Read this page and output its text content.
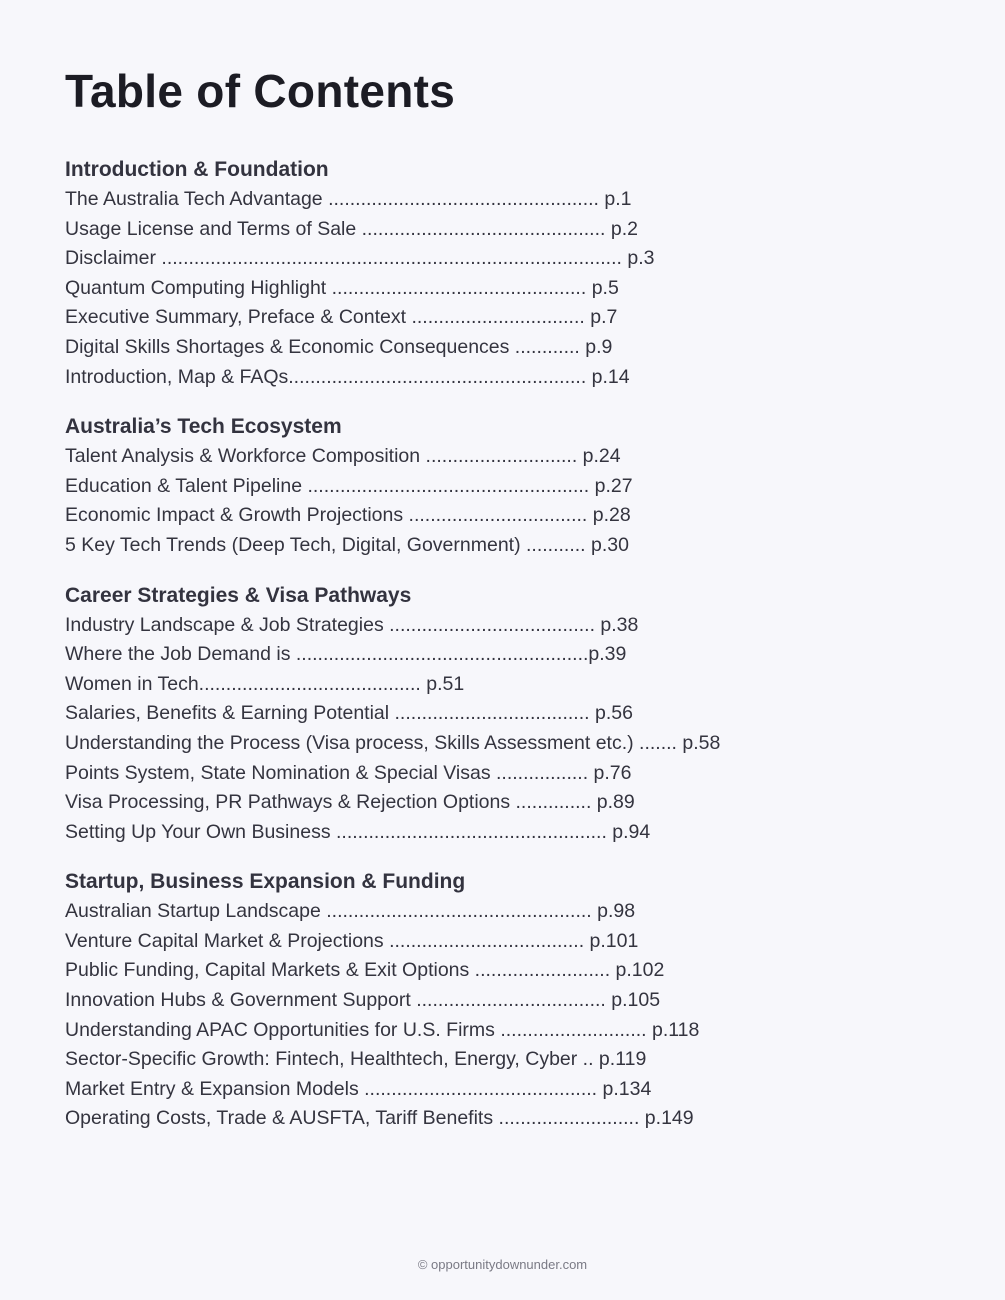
Table of Contents
Introduction & Foundation
The Australia Tech Advantage .................................................. p.1
Usage License and Terms of Sale ............................................. p.2
Disclaimer ..................................................................................... p.3
Quantum Computing Highlight ............................................... p.5
Executive Summary, Preface & Context ................................ p.7
Digital Skills Shortages & Economic Consequences ............ p.9
Introduction, Map & FAQs....................................................... p.14
Australia’s Tech Ecosystem
Talent Analysis & Workforce Composition ............................ p.24
Education & Talent Pipeline .................................................... p.27
Economic Impact & Growth Projections ................................. p.28
5 Key Tech Trends (Deep Tech, Digital, Government) ........... p.30
Career Strategies & Visa Pathways
Industry Landscape & Job Strategies ...................................... p.38
Where the Job Demand is ......................................................p.39
Women in Tech......................................... p.51
Salaries, Benefits & Earning Potential .................................... p.56
Understanding the Process (Visa process, Skills Assessment etc.) ....... p.58
Points System, State Nomination & Special Visas ................. p.76
Visa Processing, PR Pathways & Rejection Options .............. p.89
Setting Up Your Own Business .................................................. p.94
Startup, Business Expansion & Funding
Australian Startup Landscape ................................................. p.98
Venture Capital Market & Projections .................................... p.101
Public Funding, Capital Markets & Exit Options ......................... p.102
Innovation Hubs & Government Support ................................... p.105
Understanding APAC Opportunities for U.S. Firms ........................... p.118
Sector-Specific Growth: Fintech, Healthtech, Energy, Cyber .. p.119
Market Entry & Expansion Models ........................................... p.134
Operating Costs, Trade & AUSFTA, Tariff Benefits .......................... p.149
© opportunitydownunder.com
